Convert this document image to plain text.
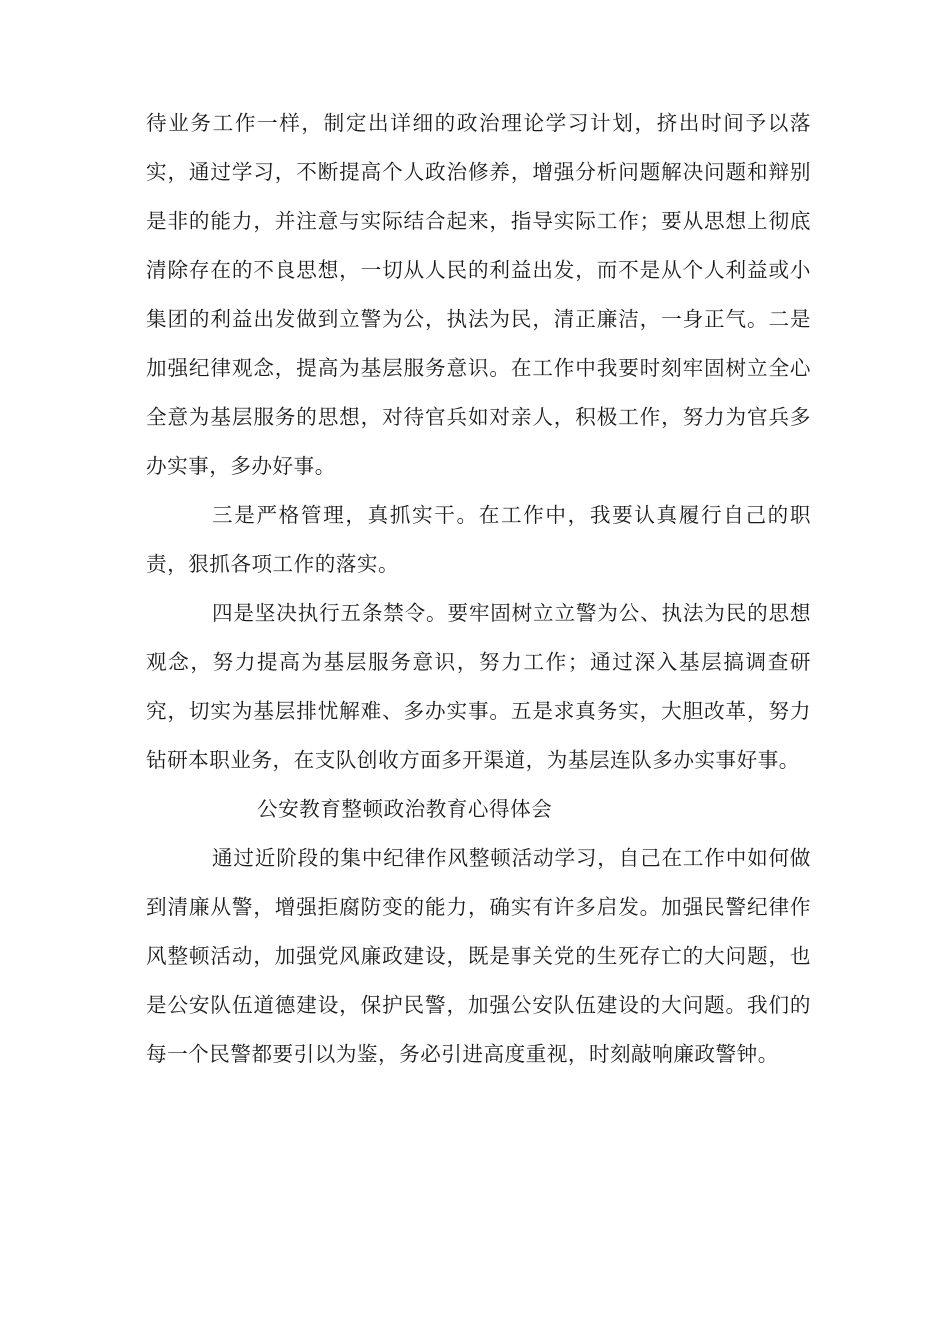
待业务工作一样，制定出详细的政治理论学习计划，挤出时间予以落实，通过学习，不断提高个人政治修养，增强分析问题解决问题和辩别是非的能力，并注意与实际结合起来，指导实际工作；要从思想上彻底清除存在的不良思想，一切从人民的利益出发，而不是从个人利益或小集团的利益出发做到立警为公，执法为民，清正廉洁，一身正气。二是加强纪律观念，提高为基层服务意识。在工作中我要时刻牢固树立全心全意为基层服务的思想，对待官兵如对亲人，积极工作，努力为官兵多办实事，多办好事。

三是严格管理，真抓实干。在工作中，我要认真履行自己的职责，狠抓各项工作的落实。

四是坚决执行五条禁令。要牢固树立立警为公、执法为民的思想观念，努力提高为基层服务意识，努力工作；通过深入基层搞调查研究，切实为基层排忧解难、多办实事。五是求真务实，大胆改革，努力钻研本职业务，在支队创收方面多开渠道，为基层连队多办实事好事。

公安教育整顿政治教育心得体会

通过近阶段的集中纪律作风整顿活动学习，自己在工作中如何做到清廉从警，增强拒腐防变的能力，确实有许多启发。加强民警纪律作风整顿活动，加强党风廉政建设，既是事关党的生死存亡的大问题，也是公安队伍道德建设，保护民警，加强公安队伍建设的大问题。我们的每一个民警都要引以为鉴，务必引进高度重视，时刻敲响廉政警钟。
